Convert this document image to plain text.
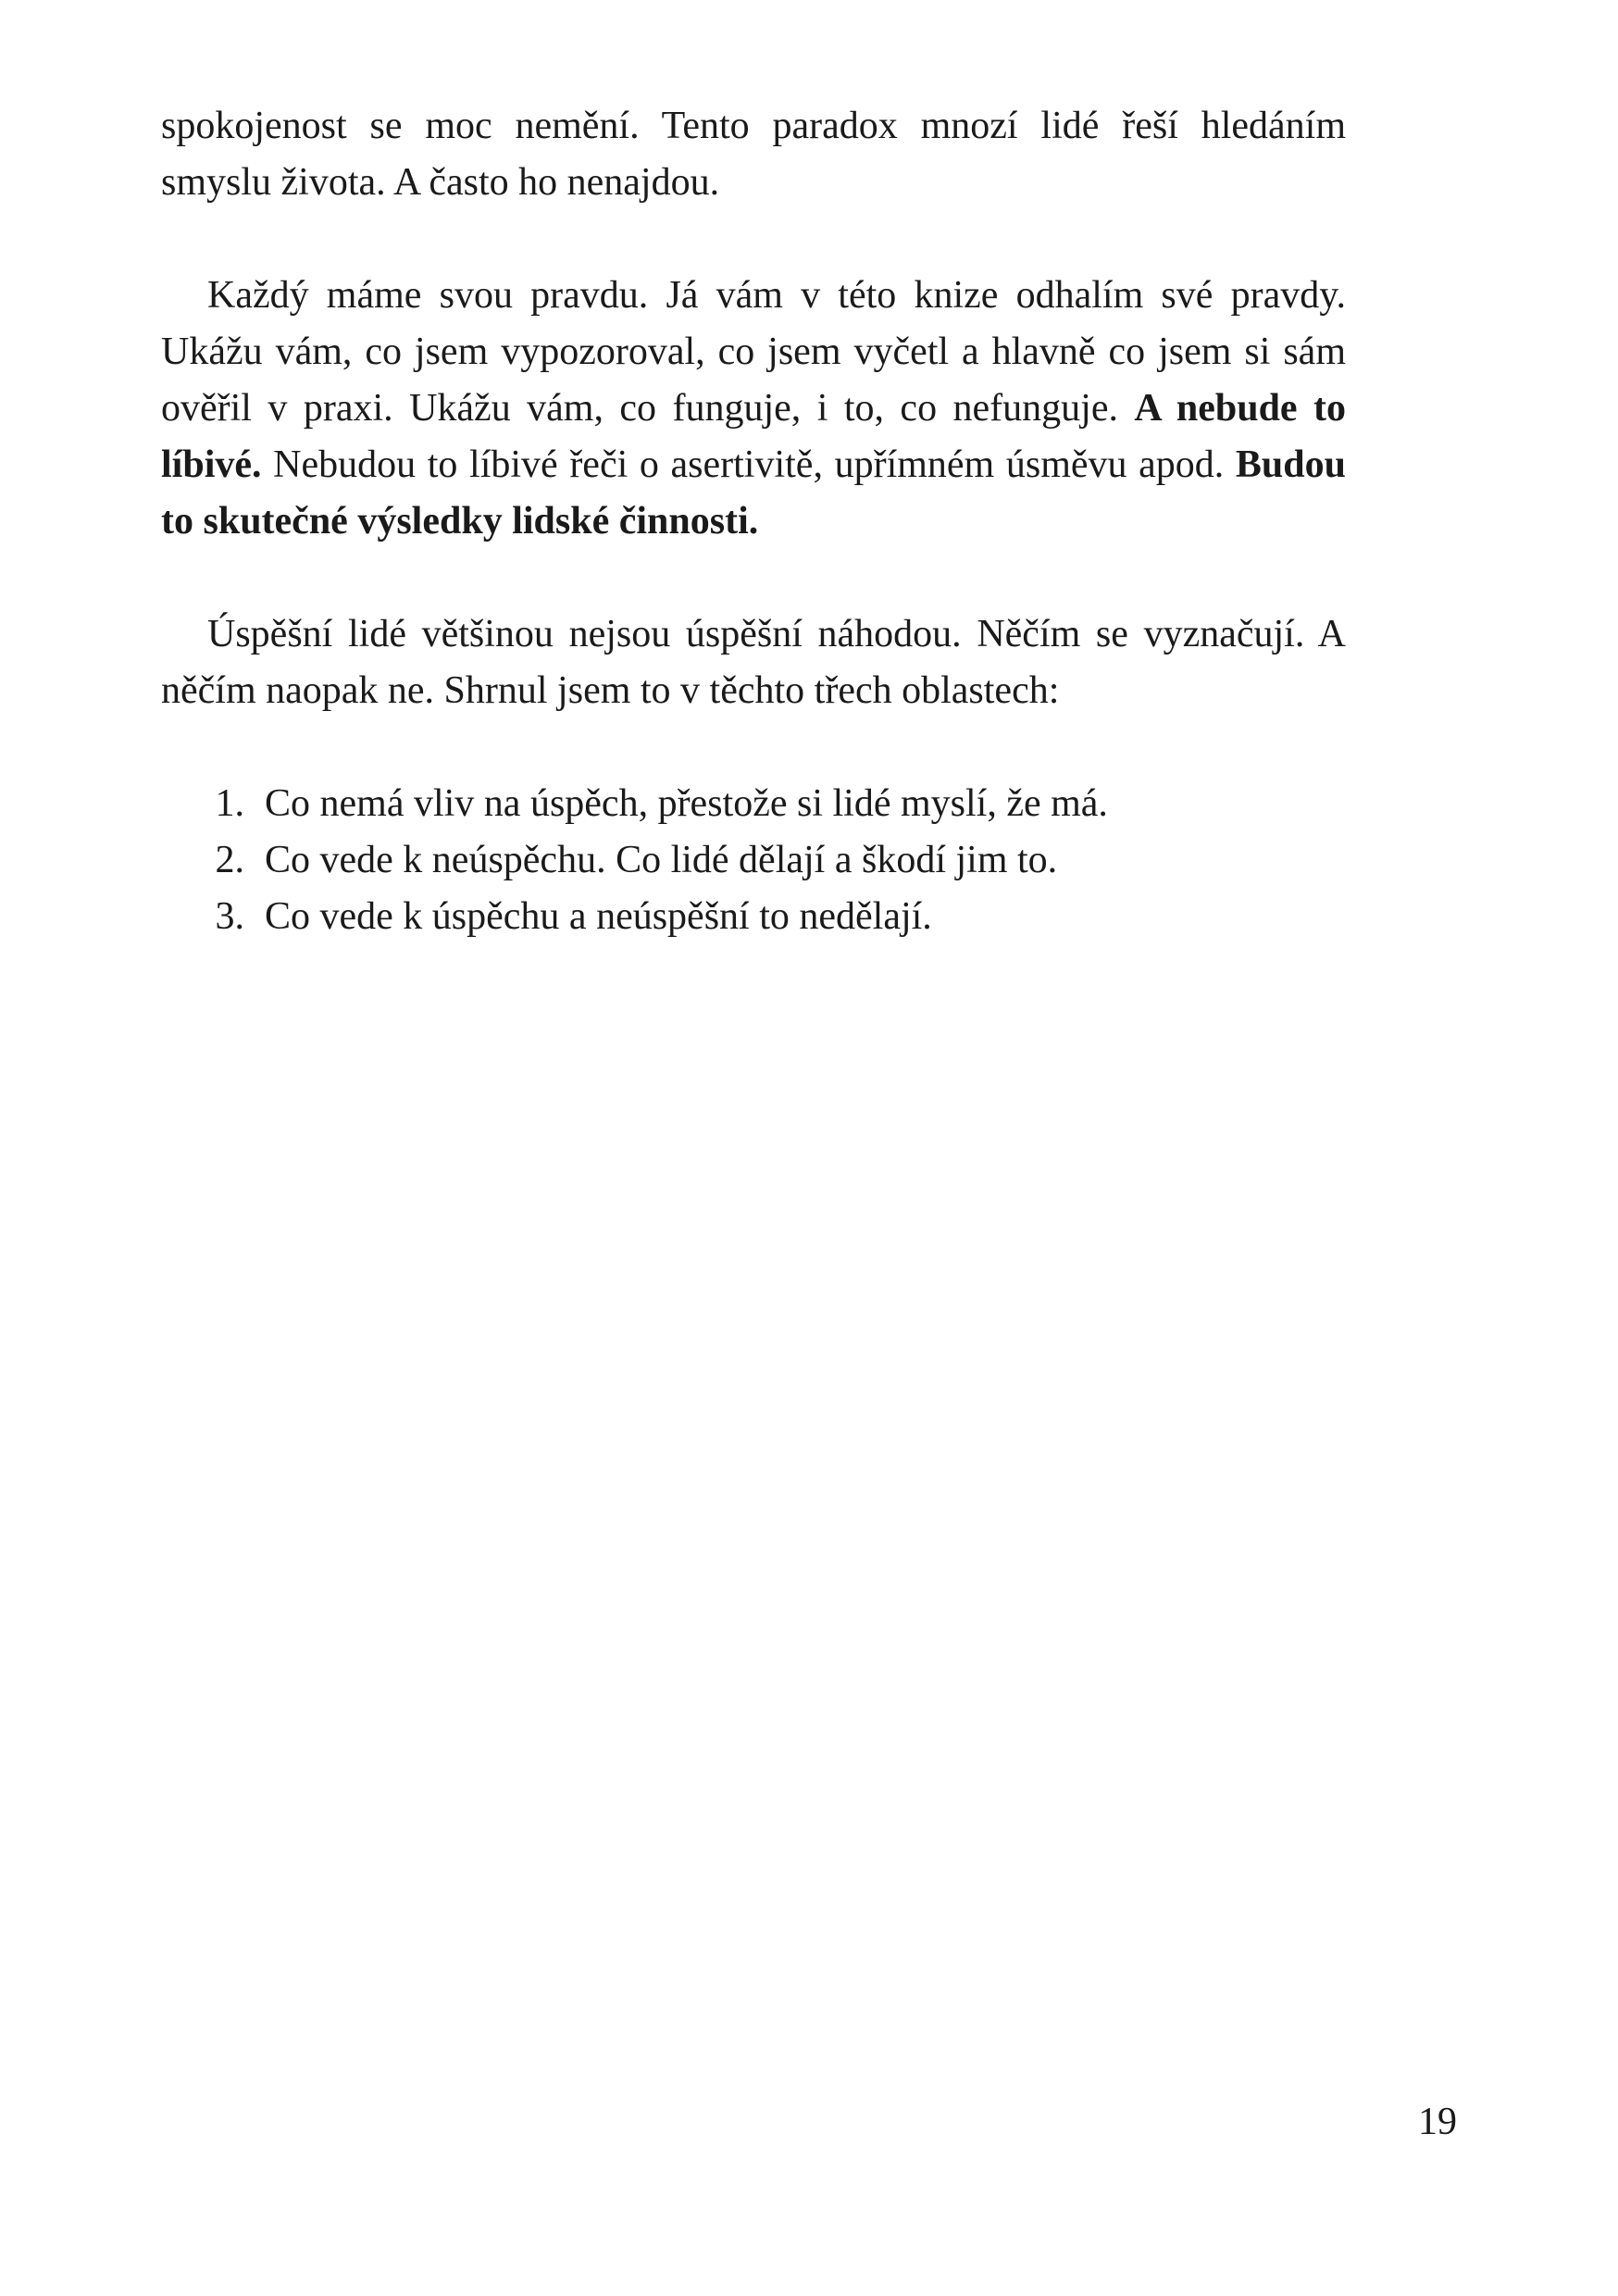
spokojenost se moc nemění. Tento paradox mnozí lidé řeší hledáním smyslu života. A často ho nenajdou.

Každý máme svou pravdu. Já vám v této knize odhalím své pravdy. Ukážu vám, co jsem vypozoroval, co jsem vyčetl a hlavně co jsem si sám ověřil v praxi. Ukážu vám, co funguje, i to, co nefunguje. A nebude to líbivé. Nebudou to líbivé řeči o asertivitě, upřímném úsměvu apod. Budou to skutečné výsledky lidské činnosti.

Úspěšní lidé většinou nejsou úspěšní náhodou. Něčím se vyznačují. A něčím naopak ne. Shrnul jsem to v těchto třech oblastech:

1. Co nemá vliv na úspěch, přestože si lidé myslí, že má.
2. Co vede k neúspěchu. Co lidé dělají a škodí jim to.
3. Co vede k úspěchu a neúspěšní to nedělají.
19
